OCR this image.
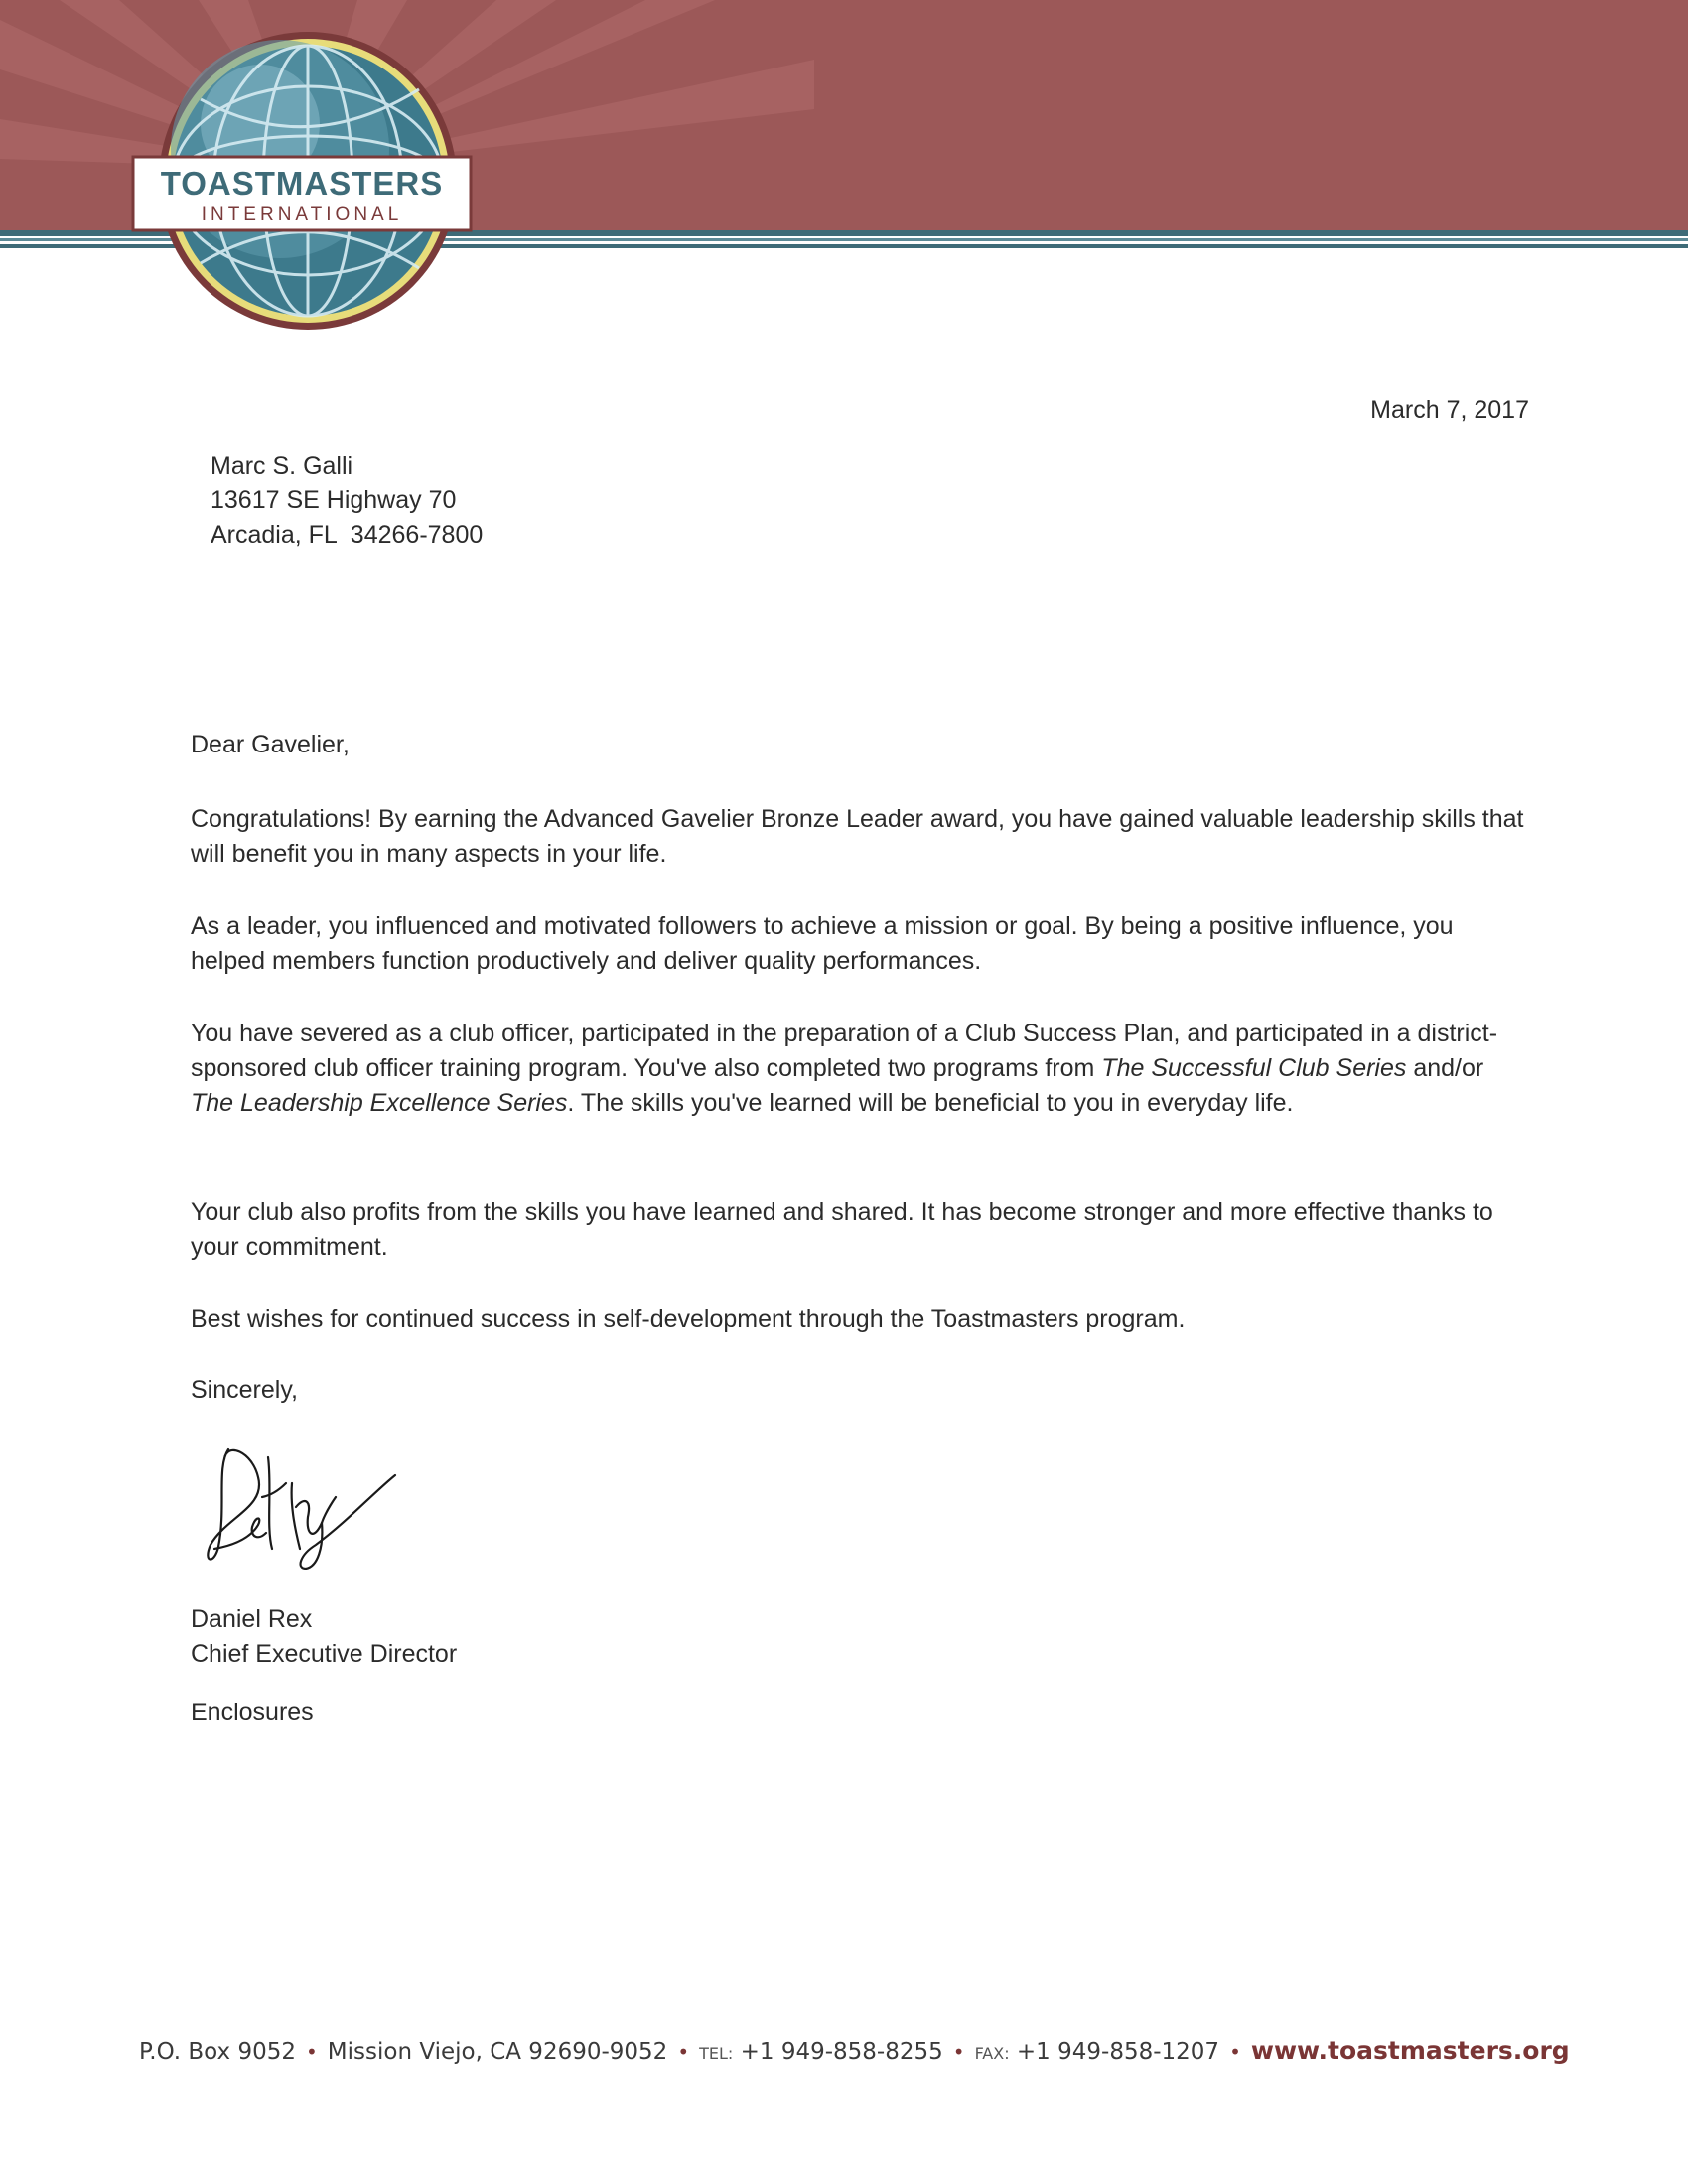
TOASTMASTERS
INTERNATIONAL

March 7, 2017

Marc S. Galli
13617 SE Highway 70
Arcadia, FL  34266-7800

Dear Gavelier,

Congratulations! By earning the Advanced Gavelier Bronze Leader award, you have gained valuable leadership skills that will benefit you in many aspects in your life.

As a leader, you influenced and motivated followers to achieve a mission or goal. By being a positive influence, you helped members function productively and deliver quality performances.

You have severed as a club officer, participated in the preparation of a Club Success Plan, and participated in a district-sponsored club officer training program. You've also completed two programs from The Successful Club Series and/or The Leadership Excellence Series. The skills you've learned will be beneficial to you in everyday life.

Your club also profits from the skills you have learned and shared. It has become stronger and more effective thanks to your commitment.

Best wishes for continued success in self-development through the Toastmasters program.

Sincerely,

Daniel Rex
Chief Executive Director

Enclosures

P.O. Box 9052 • Mission Viejo, CA 92690-9052 • TEL: +1 949-858-8255 • FAX: +1 949-858-1207 • www.toastmasters.org
